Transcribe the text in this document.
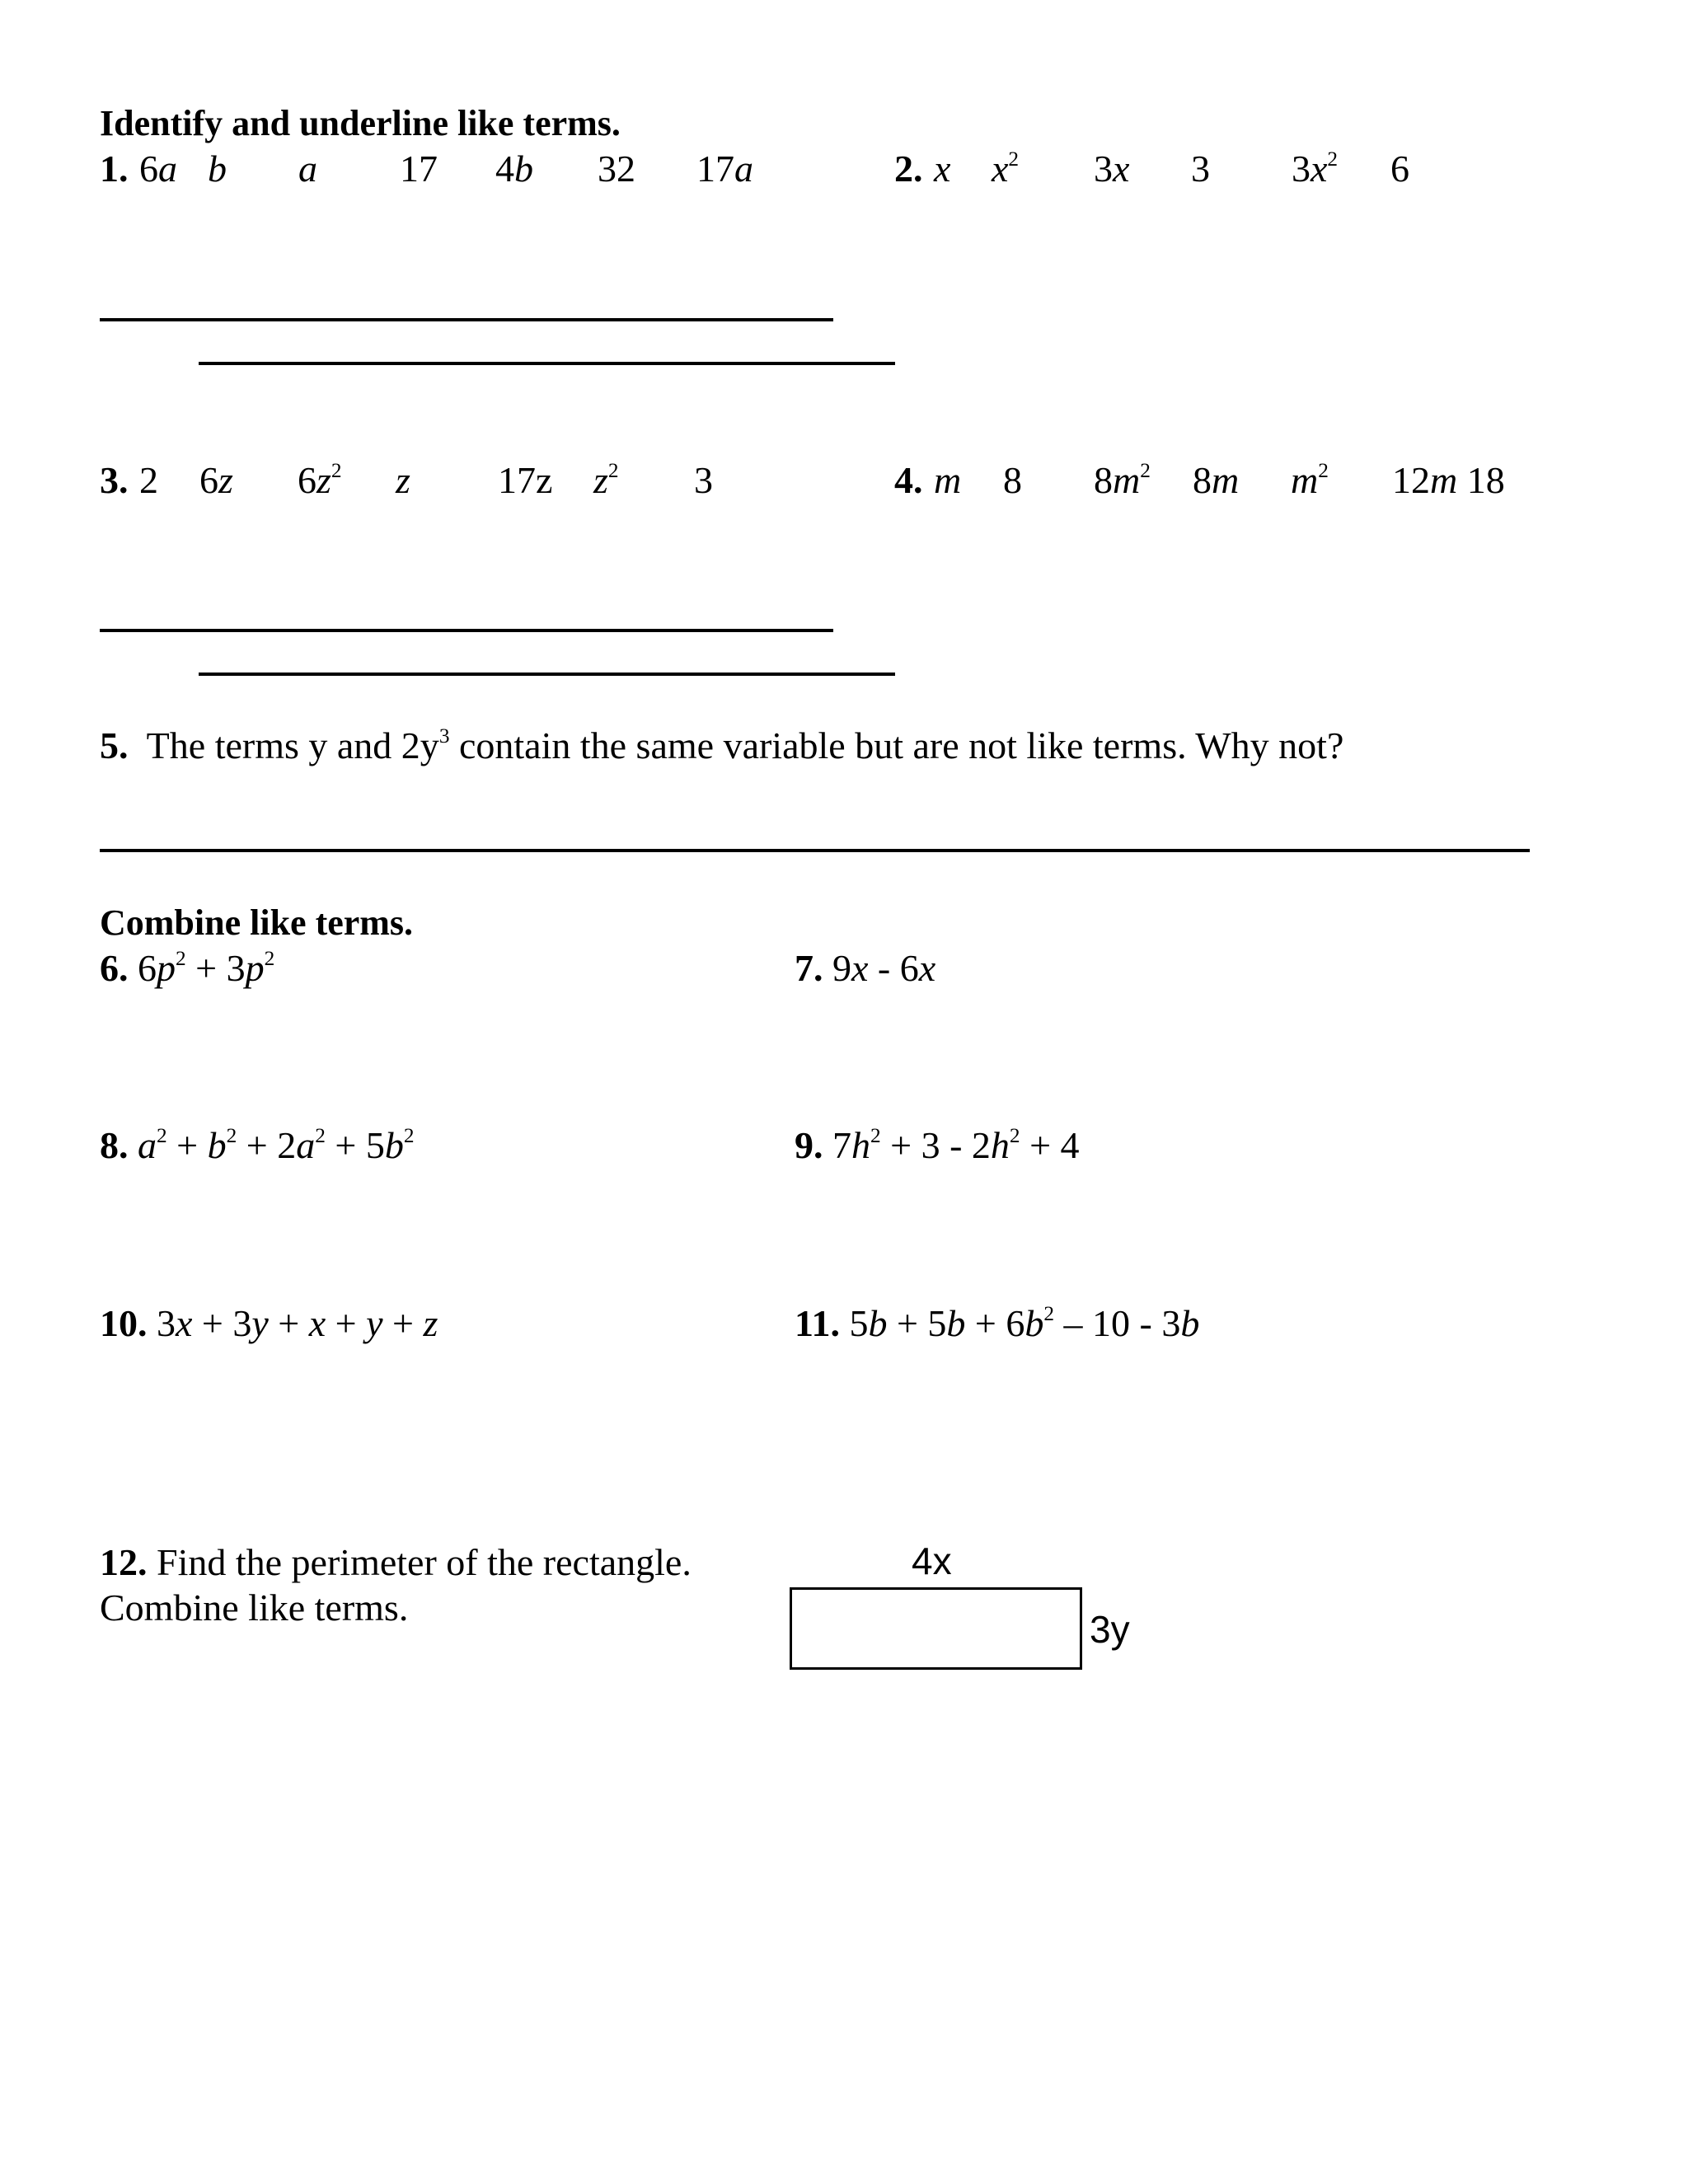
Identify and underline like terms.
1. 6a b a 17 4b 32 17a	2. x $x^2$ 3x 3 $3x^2$ 6
3. 2 6z $6z^2$ z 17z $z^2$ 3	4. m 8 $8m^2$ 8m $m^2$ 12m 18
5. The terms y and $2y^3$ contain the same variable but are not like terms. Why not?
Combine like terms.
6. $6p^2 + 3p^2$	7. 9x - 6x
8. $a^2 + b^2 + 2a^2 + 5b^2$	9. $7h^2 + 3 - 2h^2 + 4$
10. 3x + 3y + x + y + z	11. $5b + 5b + 6b^2 - 10 - 3b$
12. Find the perimeter of the rectangle.
Combine like terms.
4x
3y
